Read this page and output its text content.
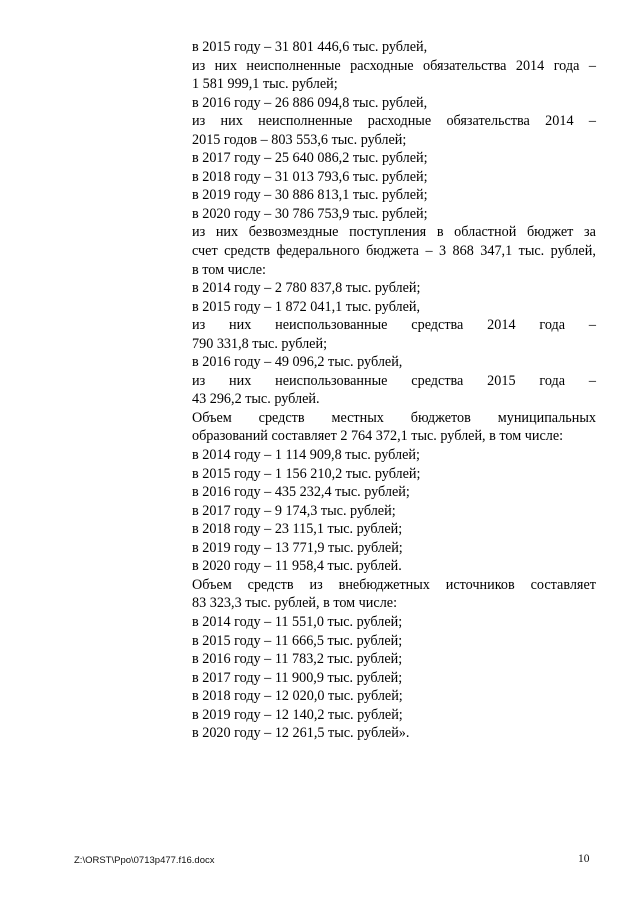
в 2015 году – 31 801 446,6 тыс. рублей,
из них неисполненные расходные обязательства 2014 года –
1 581 999,1 тыс. рублей;
в 2016 году – 26 886 094,8 тыс. рублей,
из них неисполненные расходные обязательства 2014 –
2015 годов – 803 553,6 тыс. рублей;
в 2017 году – 25 640 086,2 тыс. рублей;
в 2018 году – 31 013 793,6 тыс. рублей;
в 2019 году – 30 886 813,1 тыс. рублей;
в 2020 году – 30 786 753,9 тыс. рублей;
из них безвозмездные поступления в областной бюджет за
счет средств федерального бюджета – 3 868 347,1 тыс. рублей,
в том числе:
в 2014 году – 2 780 837,8 тыс. рублей;
в 2015 году – 1 872 041,1 тыс. рублей,
из них неиспользованные средства 2014 года –
790 331,8 тыс. рублей;
в 2016 году – 49 096,2 тыс. рублей,
из них неиспользованные средства 2015 года –
43 296,2 тыс. рублей.
Объем средств местных бюджетов муниципальных
образований составляет 2 764 372,1 тыс. рублей, в том числе:
в 2014 году – 1 114 909,8 тыс. рублей;
в 2015 году – 1 156 210,2 тыс. рублей;
в 2016 году – 435 232,4 тыс. рублей;
в 2017 году – 9 174,3 тыс. рублей;
в 2018 году – 23 115,1 тыс. рублей;
в 2019 году – 13 771,9 тыс. рублей;
в 2020 году – 11 958,4 тыс. рублей.
Объем средств из внебюджетных источников составляет
83 323,3 тыс. рублей, в том числе:
в 2014 году – 11 551,0 тыс. рублей;
в 2015 году – 11 666,5 тыс. рублей;
в 2016 году – 11 783,2 тыс. рублей;
в 2017 году – 11 900,9 тыс. рублей;
в 2018 году – 12 020,0 тыс. рублей;
в 2019 году – 12 140,2 тыс. рублей;
в 2020 году – 12 261,5 тыс. рублей».
Z:\ORST\Ppo\0713p477.f16.docx	10
